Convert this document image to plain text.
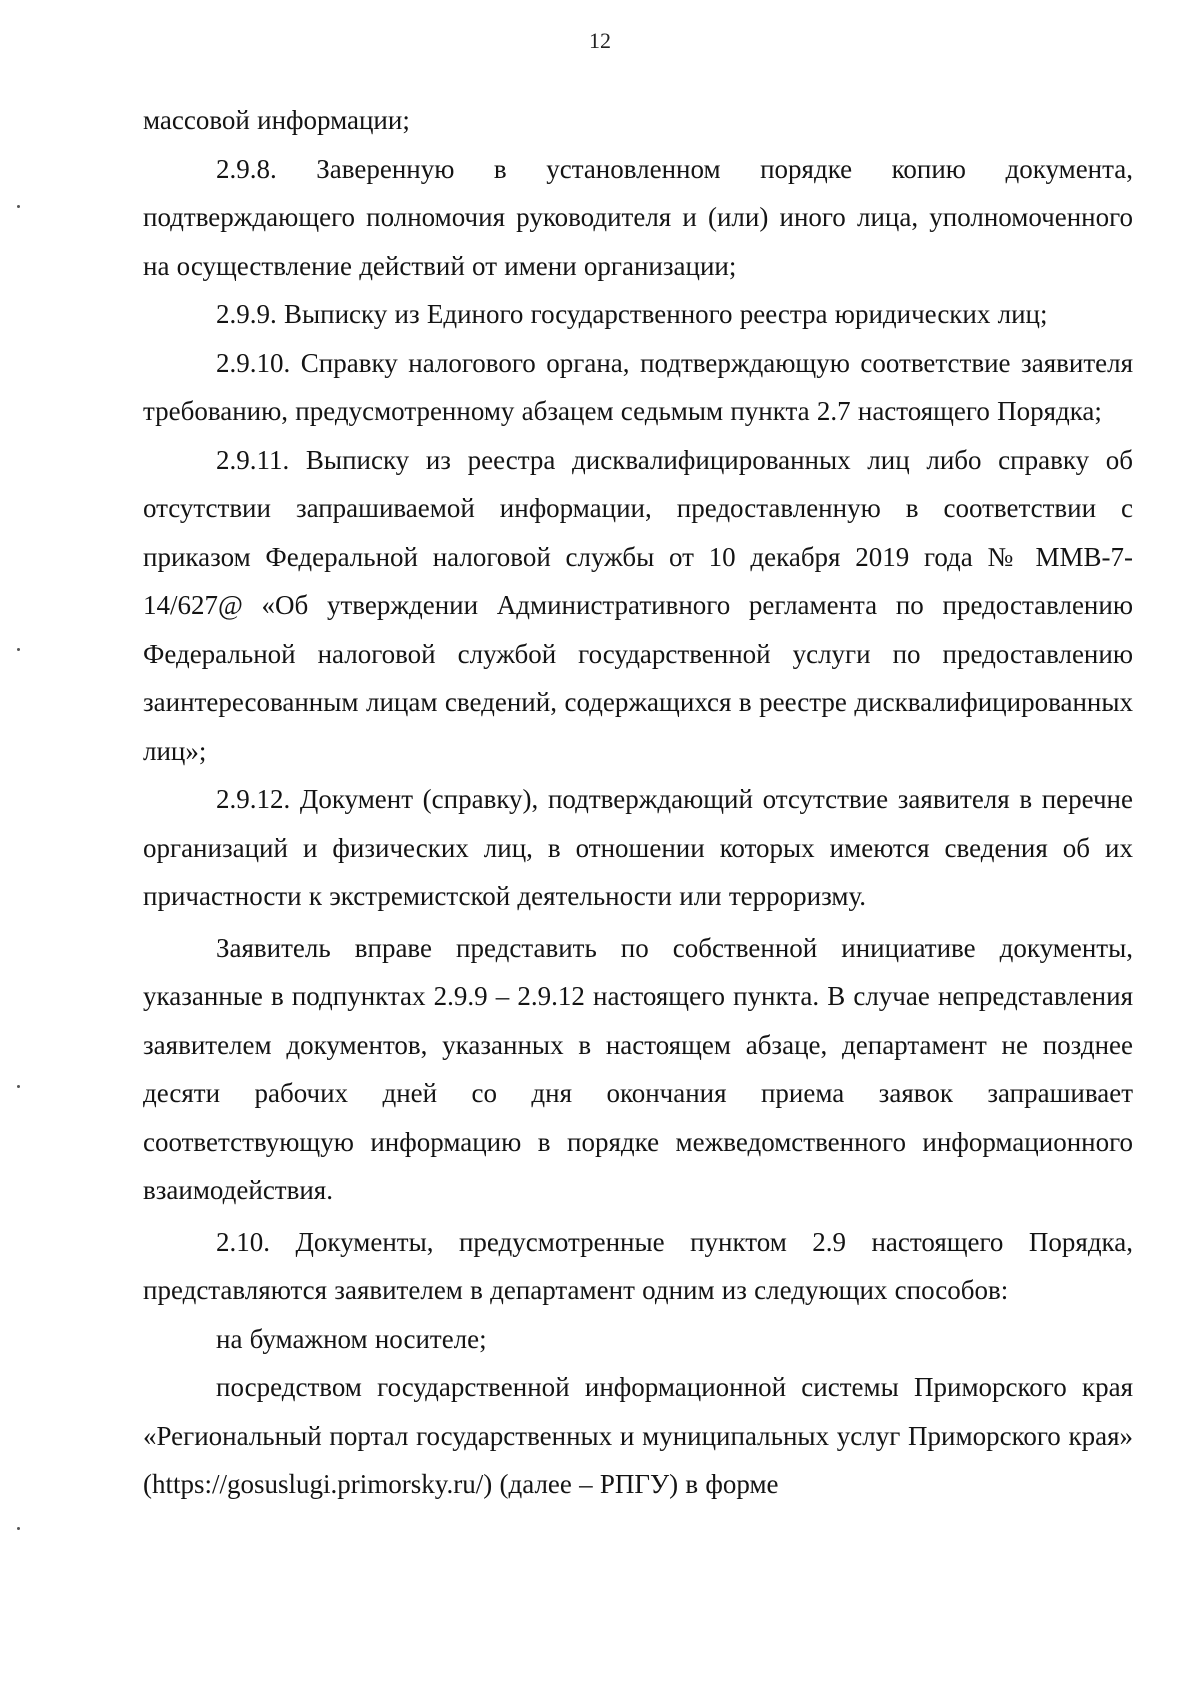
12

массовой информации;

2.9.8. Заверенную в установленном порядке копию документа, подтверждающего полномочия руководителя и (или) иного лица, уполномоченного на осуществление действий от имени организации;

2.9.9. Выписку из Единого государственного реестра юридических лиц;

2.9.10. Справку налогового органа, подтверждающую соответствие заявителя требованию, предусмотренному абзацем седьмым пункта 2.7 настоящего Порядка;

2.9.11. Выписку из реестра дисквалифицированных лиц либо справку об отсутствии запрашиваемой информации, предоставленную в соответствии с приказом Федеральной налоговой службы от 10 декабря 2019 года № ММВ-7-14/627@ «Об утверждении Административного регламента по предоставлению Федеральной налоговой службой государственной услуги по предоставлению заинтересованным лицам сведений, содержащихся в реестре дисквалифицированных лиц»;

2.9.12. Документ (справку), подтверждающий отсутствие заявителя в перечне организаций и физических лиц, в отношении которых имеются сведения об их причастности к экстремистской деятельности или терроризму.

Заявитель вправе представить по собственной инициативе документы, указанные в подпунктах 2.9.9 – 2.9.12 настоящего пункта. В случае непредставления заявителем документов, указанных в настоящем абзаце, департамент не позднее десяти рабочих дней со дня окончания приема заявок запрашивает соответствующую информацию в порядке межведомственного информационного взаимодействия.

2.10. Документы, предусмотренные пунктом 2.9 настоящего Порядка, представляются заявителем в департамент одним из следующих способов:

на бумажном носителе;

посредством государственной информационной системы Приморского края «Региональный портал государственных и муниципальных услуг Приморского края» (https://gosuslugi.primorsky.ru/) (далее – РПГУ) в форме
